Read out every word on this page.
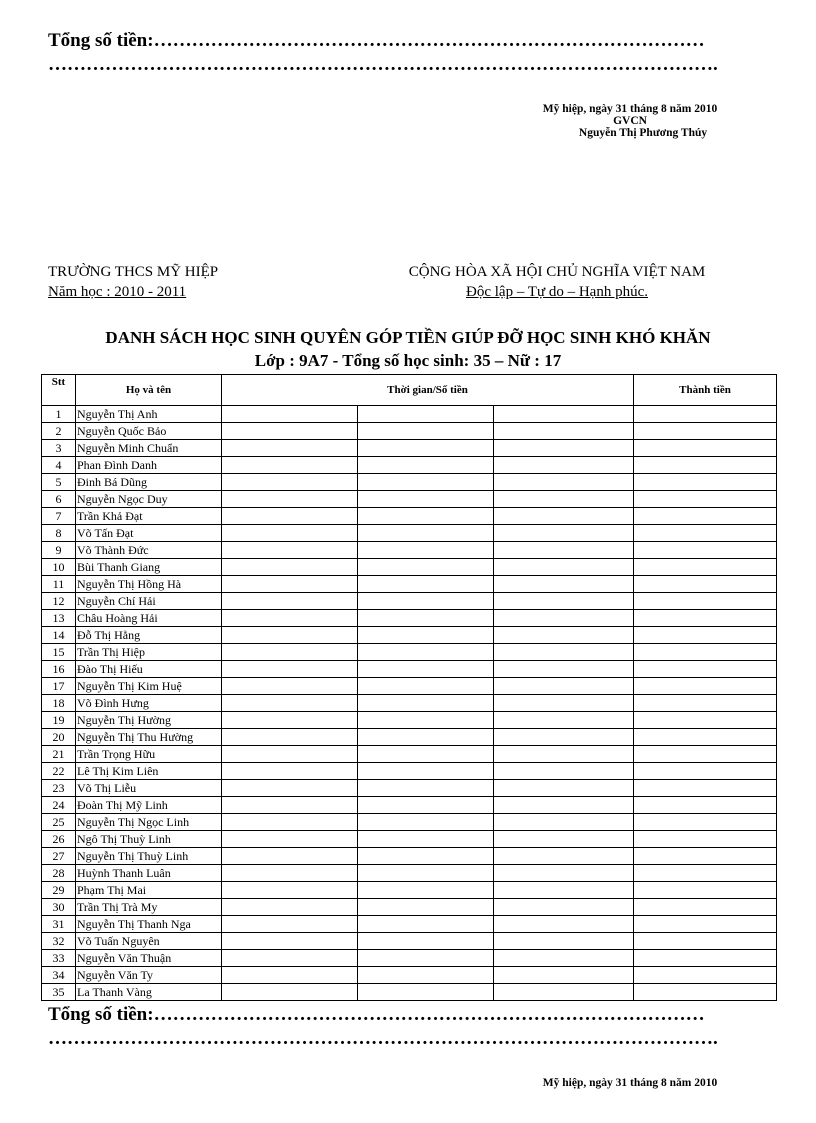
Tổng số tiền:……………………………………………………………………………
…………………………………………………………………………………………….
Mỹ hiệp, ngày 31 tháng 8 năm 2010
GVCN
Nguyễn Thị Phương Thúy
TRƯỜNG THCS MỸ HIỆP
Năm học : 2010 - 2011
CỘNG HÒA XÃ HỘI CHỦ NGHĨA VIỆT NAM
Độc lập – Tự do – Hạnh phúc.
DANH SÁCH HỌC SINH QUYÊN GÓP TIỀN GIÚP ĐỠ HỌC SINH KHÓ KHĂN
Lớp : 9A7 - Tổng số học sinh: 35 – Nữ : 17
Stt	Họ và tên	Thời gian/Số tiền			Thành tiền
1	Nguyễn Thị Anh				
2	Nguyễn Quốc Bảo				
3	Nguyễn Minh Chuẩn				
4	Phan Đình Danh				
5	Đinh Bá Dũng				
6	Nguyễn Ngọc Duy				
7	Trần Khả Đạt				
8	Võ Tấn Đạt				
9	Võ Thành Đức				
10	Bùi Thanh Giang				
11	Nguyễn Thị Hồng Hà				
12	Nguyễn Chí Hải				
13	Châu Hoàng Hải				
14	Đỗ Thị Hằng				
15	Trần Thị Hiệp				
16	Đào Thị Hiếu				
17	Nguyễn Thị Kim Huệ				
18	Võ Đình Hưng				
19	Nguyễn Thị Hường				
20	Nguyễn Thị Thu Hường				
21	Trần Trọng Hữu				
22	Lê Thị Kim Liên				
23	Võ Thị Liễu				
24	Đoàn Thị Mỹ Linh				
25	Nguyễn Thị Ngọc Linh				
26	Ngô Thị Thuỳ Linh				
27	Nguyễn Thị Thuỳ Linh				
28	Huỳnh Thanh Luân				
29	Phạm Thị Mai				
30	Trần Thị Trà My				
31	Nguyễn Thị Thanh Nga				
32	Võ Tuấn Nguyên				
33	Nguyễn Văn Thuận				
34	Nguyễn Văn Ty				
35	La Thanh Vàng				
Tổng số tiền:……………………………………………………………………………
…………………………………………………………………………………………….
Mỹ hiệp, ngày 31 tháng 8 năm 2010
